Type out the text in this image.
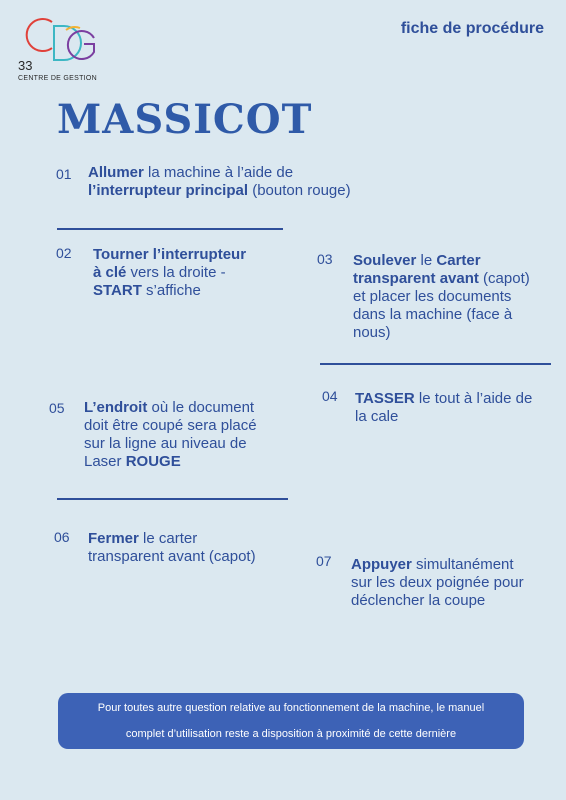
33
CENTRE DE GESTION
fiche de procédure
MASSICOT
01 Allumer la machine à l’aide de
l’interrupteur principal (bouton rouge)
02 Tourner l’interrupteur
à clé vers la droite -
START s’affiche
03 Soulever le Carter
transparent avant (capot)
et placer les documents
dans la machine (face à
nous)
04 TASSER le tout à l’aide de
la cale
05 L’endroit où le document
doit être coupé sera placé
sur la ligne au niveau de
Laser ROUGE
06 Fermer le carter
transparent avant (capot)	07 Appuyer simultanément
sur les deux poignée pour
déclencher la coupe
Pour toutes autre question relative au fonctionnement de la machine, le manuel
complet d’utilisation reste a disposition à proximité de cette dernière
